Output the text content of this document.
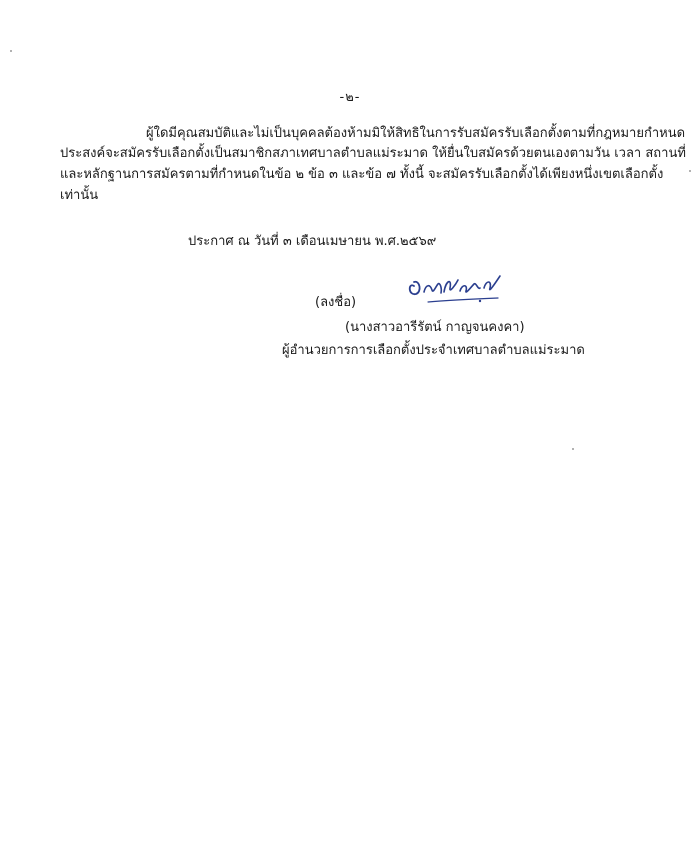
-๒-
ผู้ใดมีคุณสมบัติและไม่เป็นบุคคลต้องห้ามมิให้สิทธิในการรับสมัครรับเลือกตั้งตามที่กฎหมายกำหนด
ประสงค์จะสมัครรับเลือกตั้งเป็นสมาชิกสภาเทศบาลตำบลแม่ระมาด ให้ยื่นใบสมัครด้วยตนเองตามวัน เวลา สถานที่
และหลักฐานการสมัครตามที่กำหนดในข้อ ๒ ข้อ ๓ และข้อ ๗ ทั้งนี้ จะสมัครรับเลือกตั้งได้เพียงหนึ่งเขตเลือกตั้ง
เท่านั้น
ประกาศ ณ วันที่ ๓ เดือนเมษายน พ.ศ.๒๕๖๙
(ลงชื่อ)
(นางสาวอารีรัตน์ กาญจนคงคา)
ผู้อำนวยการการเลือกตั้งประจำเทศบาลตำบลแม่ระมาด
